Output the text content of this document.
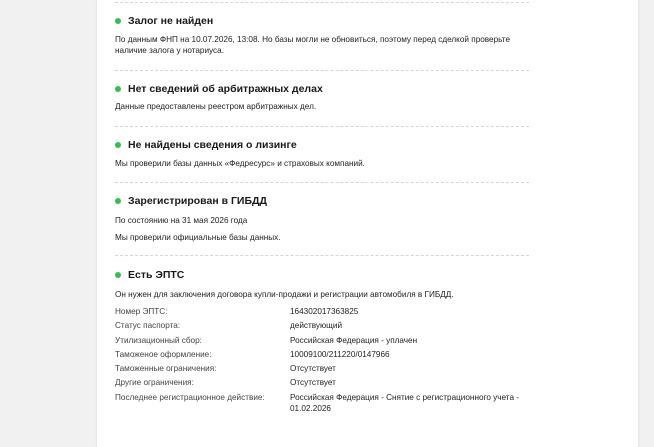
Залог не найден
По данным ФНП на 10.07.2026, 13:08. Но базы могли не обновиться, поэтому перед сделкой проверьте наличие залога у нотариуса.
Нет сведений об арбитражных делах
Данные предоставлены реестром арбитражных дел.
Не найдены сведения о лизинге
Мы проверили базы данных «Федресурс» и страховых компаний.
Зарегистрирован в ГИБДД
По состоянию на 31 мая 2026 года
Мы проверили официальные базы данных.
Есть ЭПТС
Он нужен для заключения договора купли-продажи и регистрации автомобиля в ГИБДД.
Номер ЭПТС:	164302017363825
Статус паспорта:	действующий
Утилизационный сбор:	Российская Федерация - уплачен
Таможеное оформление:	10009100/211220/0147966
Таможенные ограничения:	Отсутствует
Другие ограничения:	Отсутствует
Последнее регистрационное действие:	Российская Федерация - Снятие с регистрационного учета - 01.02.2026
